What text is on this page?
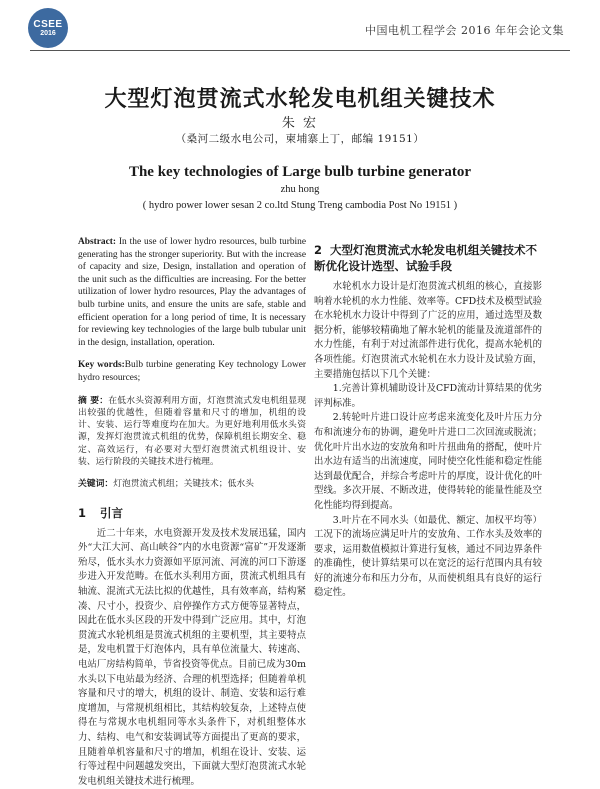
CSEE
2016	中国电机工程学会 2016 年年会论文集
大型灯泡贯流式水轮发电机组关键技术
朱 宏
（桑河二级水电公司，柬埔寨上丁，邮编 19151）
The key technologies of Large bulb turbine generator
zhu hong
( hydro power lower sesan 2 co.ltd Stung Treng cambodia Post No 19151 )

Abstract: In the use of lower hydro resources, bulb turbine generating has the stronger superiority. But with the increase of capacity and size, Design, installation and operation of the unit such as the difficulties are increasing. For the better utilization of lower hydro resources, Play the advantages of bulb turbine units, and ensure the units are safe, stable and efficient operation for a long period of time, It is necessary for reviewing key technologies of the large bulb tubular unit in the design, installation, operation.

Key words:Bulb turbine generating Key technology Lower hydro resources;

摘 要：在低水头资源利用方面，灯泡贯流式发电机组显现出较强的优越性，但随着容量和尺寸的增加，机组的设计、安装、运行等难度均在加大。为更好地利用低水头资源，发挥灯泡贯流式机组的优势，保障机组长期安全、稳定、高效运行，有必要对大型灯泡贯流式机组设计、安装、运行阶段的关键技术进行梳理。

关键词：灯泡贯流式机组；关键技术；低水头

1 引言

近二十年来，水电资源开发及技术发展迅猛，国内外“大江大河、高山峡谷”内的水电资源“富矿”开发逐渐殆尽，低水头水力资源如平原河流、河流的河口下游逐步进入开发范畴。在低水头利用方面，贯流式机组具有轴流、混流式无法比拟的优越性，具有效率高，结构紧凑、尺寸小，投资少、启停操作方式方便等显著特点，因此在低水头区段的开发中得到广泛应用。其中，灯泡贯流式水轮机组是贯流式机组的主要机型，其主要特点是，发电机置于灯泡体内，具有单位流量大、转速高、电站厂房结构简单，节省投资等优点。目前已成为30m水头以下电站最为经济、合理的机型选择；但随着单机容量和尺寸的增大，机组的设计、制造、安装和运行难度增加，与常规机组相比，其结构较复杂，上述特点使得在与常规水电机组同等水头条件下，对机组整体水力、结构、电气和安装调试等方面提出了更高的要求，且随着单机容量和尺寸的增加，机组在设计、安装、运行等过程中问题越发突出，下面就大型灯泡贯流式水轮发电机组关键技术进行梳理。

2 大型灯泡贯流式水轮发电机组关键技术不断优化设计选型、试验手段

水轮机水力设计是灯泡贯流式机组的核心，直接影响着水轮机的水力性能、效率等。CFD技术及模型试验在水轮机水力设计中得到了广泛的应用，通过选型及数据分析，能够较精确地了解水轮机的能量及流道部件的水力性能，有利于对过流部件进行优化，提高水轮机的各项性能。灯泡贯流式水轮机在水力设计及试验方面，主要措施包括以下几个关键：

1.完善计算机辅助设计及CFD流动计算结果的优劣评判标准。

2.转轮叶片进口设计应考虑来流变化及叶片压力分布和流速分布的协调，避免叶片进口二次回流或脱流；优化叶片出水边的安放角和叶片扭曲角的搭配，使叶片出水边有适当的出流速度，同时使空化性能和稳定性能达到最优配合，并综合考虑叶片的厚度，设计优化的叶型线。多次开展、不断改进，使得转轮的能量性能及空化性能均得到提高。

3.叶片在不同水头（如最优、额定、加权平均等）工况下的流场应满足叶片的安放角、工作水头及效率的要求，运用数值模拟计算进行复核，通过不同边界条件的准确性，使计算结果可以在宽泛的运行范围内具有较好的流速分布和压力分布，从而使机组具有良好的运行稳定性。
